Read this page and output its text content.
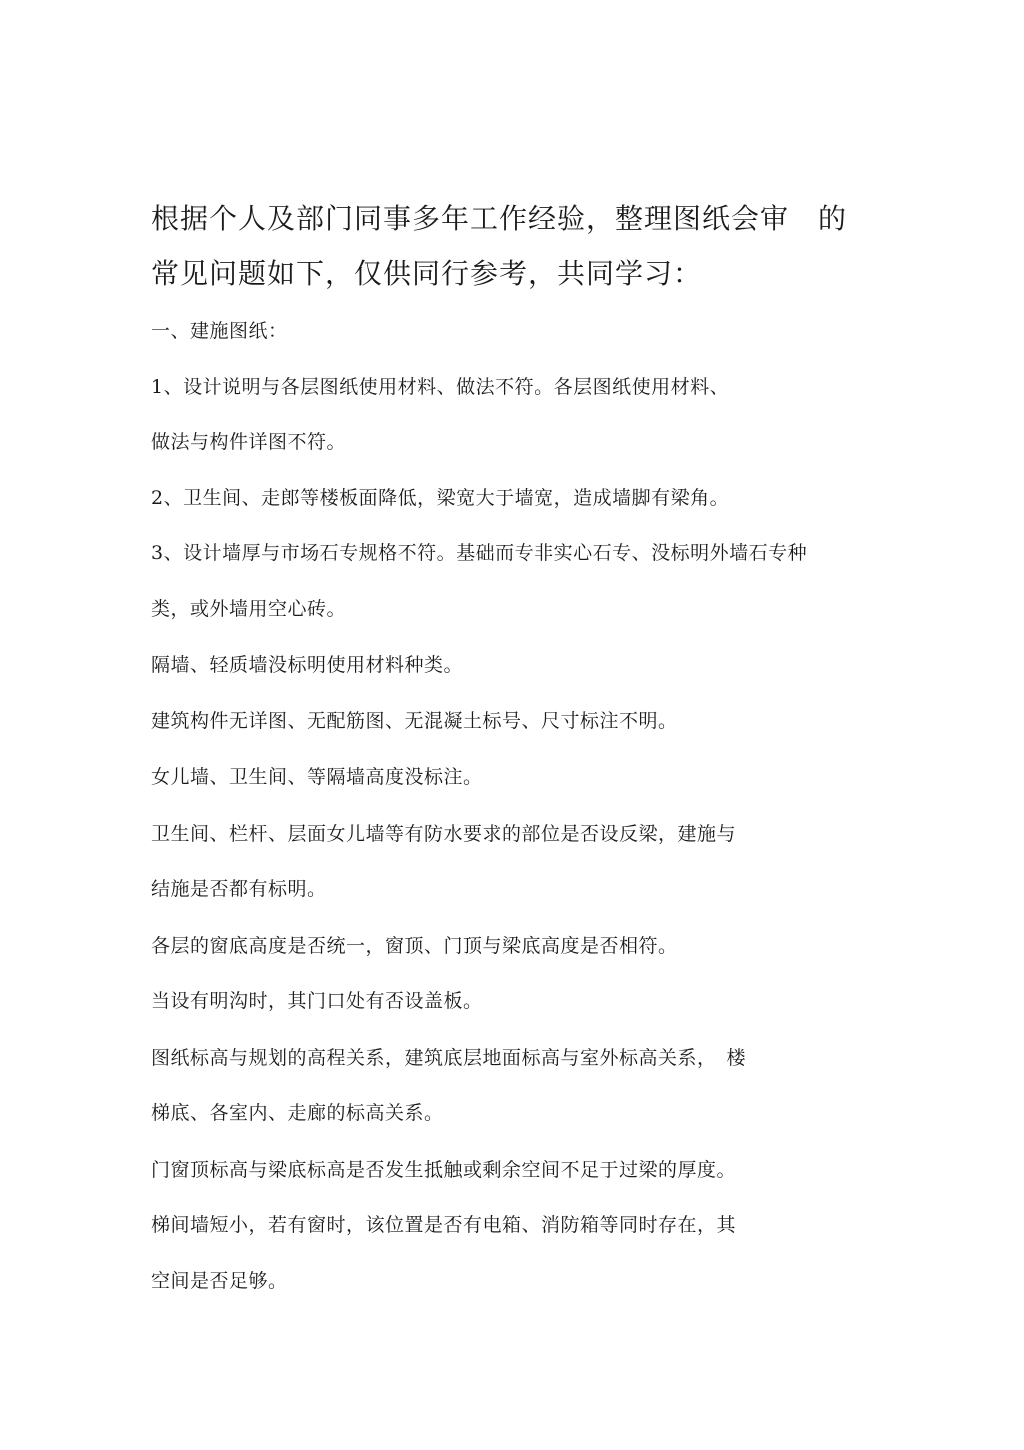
根据个人及部门同事多年工作经验，整理图纸会审　的
常见问题如下，仅供同行参考，共同学习：
一、建施图纸：
1、设计说明与各层图纸使用材料、做法不符。各层图纸使用材料、
做法与构件详图不符。
2、卫生间、走郎等楼板面降低，梁宽大于墙宽，造成墙脚有梁角。
3、设计墙厚与市场石专规格不符。基础而专非实心石专、没标明外墙石专种
类，或外墙用空心砖。
隔墙、轻质墙没标明使用材料种类。
建筑构件无详图、无配筋图、无混凝土标号、尺寸标注不明。
女儿墙、卫生间、等隔墙高度没标注。
卫生间、栏杆、层面女儿墙等有防水要求的部位是否设反梁，建施与
结施是否都有标明。
各层的窗底高度是否统一，窗顶、门顶与梁底高度是否相符。
当设有明沟时，其门口处有否设盖板。
图纸标高与规划的高程关系，建筑底层地面标高与室外标高关系，　楼
梯底、各室内、走廊的标高关系。
门窗顶标高与梁底标高是否发生抵触或剩余空间不足于过梁的厚度。
梯间墙短小，若有窗时，该位置是否有电箱、消防箱等同时存在，其
空间是否足够。
